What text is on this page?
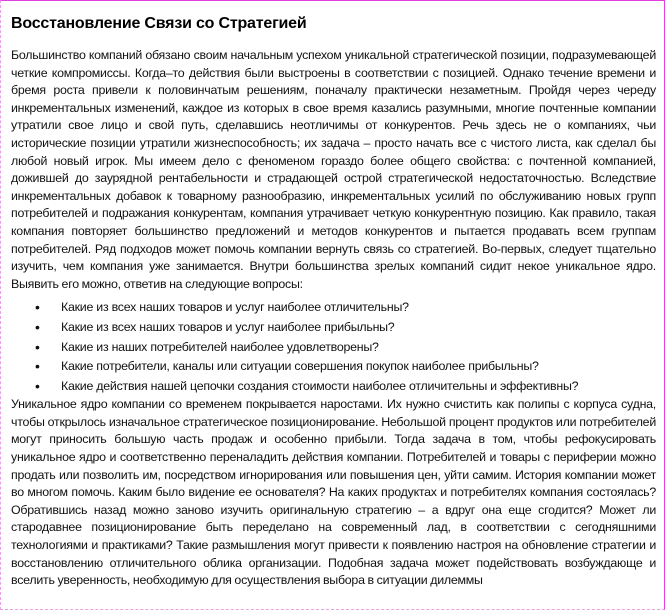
Восстановление Связи со Стратегией

Большинство компаний обязано своим начальным успехом уникальной стратегической позиции, подразумевающей четкие компромиссы. Когда–то действия были выстроены в соответствии с позицией. Однако течение времени и бремя роста привели к половинчатым решениям, поначалу практически незаметным. Пройдя через череду инкрементальных изменений, каждое из которых в свое время казались разумными, многие почтенные компании утратили свое лицо и свой путь, сделавшись неотличимы от конкурентов. Речь здесь не о компаниях, чьи исторические позиции утратили жизнеспособность; их задача – просто начать все с чистого листа, как сделал бы любой новый игрок. Мы имеем дело с феноменом гораздо более общего свойства: с почтенной компанией, дожившей до заурядной рентабельности и страдающей острой стратегической недостаточностью. Вследствие инкрементальных добавок к товарному разнообразию, инкрементальных усилий по обслуживанию новых групп потребителей и подражания конкурентам, компания утрачивает четкую конкурентную позицию. Как правило, такая компания повторяет большинство предложений и методов конкурентов и пытается продавать всем группам потребителей. Ряд подходов может помочь компании вернуть связь со стратегией. Во-первых, следует тщательно изучить, чем компания уже занимается. Внутри большинства зрелых компаний сидит некое уникальное ядро. Выявить его можно, ответив на следующие вопросы:

• Какие из всех наших товаров и услуг наиболее отличительны?
• Какие из всех наших товаров и услуг наиболее прибыльны?
• Какие из наших потребителей наиболее удовлетворены?
• Какие потребители, каналы или ситуации совершения покупок наиболее прибыльны?
• Какие действия нашей цепочки создания стоимости наиболее отличительны и эффективны?

Уникальное ядро компании со временем покрывается наростами. Их нужно счистить как полипы с корпуса судна, чтобы открылось изначальное стратегическое позиционирование. Небольшой процент продуктов или потребителей могут приносить большую часть продаж и особенно прибыли. Тогда задача в том, чтобы рефокусировать уникальное ядро и соответственно переналадить действия компании. Потребителей и товары с периферии можно продать или позволить им, посредством игнорирования или повышения цен, уйти самим. История компании может во многом помочь. Каким было видение ее основателя? На каких продуктах и потребителях компания состоялась? Обратившись назад можно заново изучить оригинальную стратегию – а вдруг она еще сгодится? Может ли стародавнее позиционирование быть переделано на современный лад, в соответствии с сегодняшними технологиями и практиками? Такие размышления могут привести к появлению настроя на обновление стратегии и восстановлению отличительного облика организации. Подобная задача может подействовать возбуждающе и вселить уверенность, необходимую для осуществления выбора в ситуации дилеммы
